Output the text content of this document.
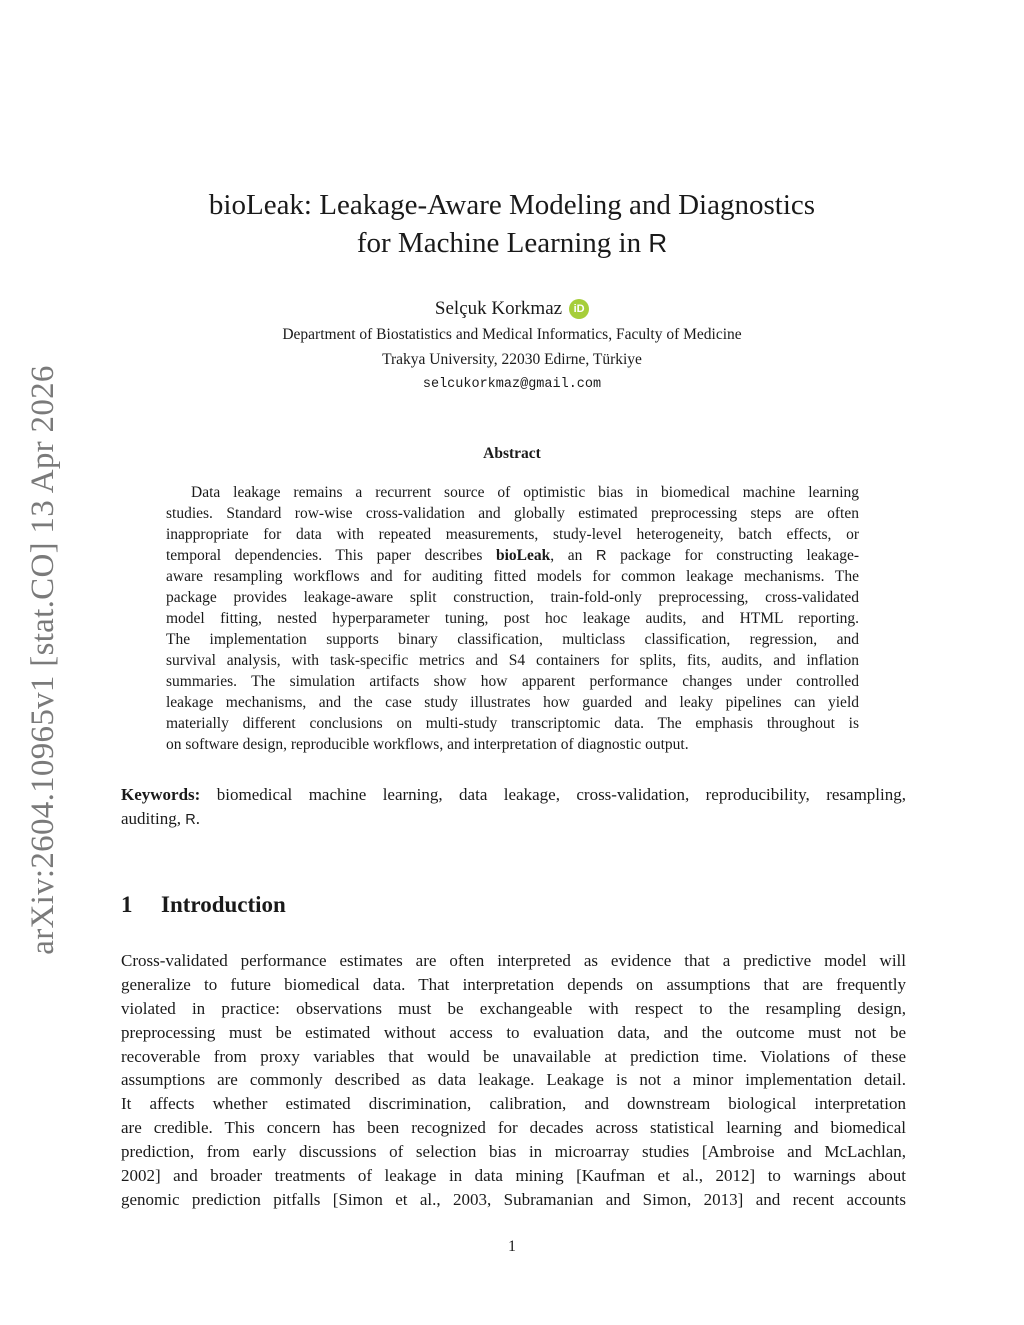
arXiv:2604.10965v1 [stat.CO] 13 Apr 2026
bioLeak: Leakage-Aware Modeling and Diagnostics
for Machine Learning in R
Selçuk Korkmaz	iD
Department of Biostatistics and Medical Informatics, Faculty of Medicine
Trakya University, 22030 Edirne, Türkiye
selcukorkmaz@gmail.com
Abstract
Data leakage remains a recurrent source of optimistic bias in biomedical machine learning
studies. Standard row-wise cross-validation and globally estimated preprocessing steps are often
inappropriate for data with repeated measurements, study-level heterogeneity, batch effects, or
temporal dependencies. This paper describes bioLeak, an R package for constructing leakage-
aware resampling workflows and for auditing fitted models for common leakage mechanisms. The
package provides leakage-aware split construction, train-fold-only preprocessing, cross-validated
model fitting, nested hyperparameter tuning, post hoc leakage audits, and HTML reporting.
The implementation supports binary classification, multiclass classification, regression, and
survival analysis, with task-specific metrics and S4 containers for splits, fits, audits, and inflation
summaries. The simulation artifacts show how apparent performance changes under controlled
leakage mechanisms, and the case study illustrates how guarded and leaky pipelines can yield
materially different conclusions on multi-study transcriptomic data. The emphasis throughout is
on software design, reproducible workflows, and interpretation of diagnostic output.
Keywords: biomedical machine learning, data leakage, cross-validation, reproducibility, resampling,
auditing, R.
1 Introduction
Cross-validated performance estimates are often interpreted as evidence that a predictive model will
generalize to future biomedical data. That interpretation depends on assumptions that are frequently
violated in practice: observations must be exchangeable with respect to the resampling design,
preprocessing must be estimated without access to evaluation data, and the outcome must not be
recoverable from proxy variables that would be unavailable at prediction time. Violations of these
assumptions are commonly described as data leakage. Leakage is not a minor implementation detail.
It affects whether estimated discrimination, calibration, and downstream biological interpretation
are credible. This concern has been recognized for decades across statistical learning and biomedical
prediction, from early discussions of selection bias in microarray studies [Ambroise and McLachlan,
2002] and broader treatments of leakage in data mining [Kaufman et al., 2012] to warnings about
genomic prediction pitfalls [Simon et al., 2003, Subramanian and Simon, 2013] and recent accounts
1
